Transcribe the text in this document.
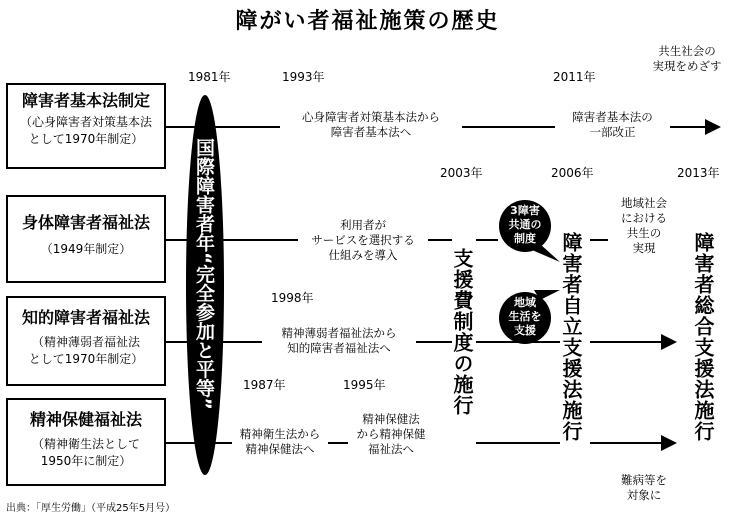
障がい者福祉施策の歴史
障害者基本法制定
（心身障害者対策基本法
として1970年制定）
身体障害者福祉法
（1949年制定）
知的障害者福祉法
（精神薄弱者福祉法
として1970年制定）
精神保健福祉法
（精神衛生法として
1950年に制定）
国際障害者年“完全参加と平等”
1981年	1993年	2011年
2003年	2006年	2013年
1998年
1987年	1995年
心身障害者対策基本法から
障害者基本法へ
障害者基本法の
一部改正
共生社会の
実現をめざす
利用者が
サービスを選択する
仕組みを導入
地域社会
における
共生の
実現
精神薄弱者福祉法から
知的障害者福祉法へ
精神衛生法から
精神保健法へ
精神保健法
から精神保健
福祉法へ
難病等を
対象に
3障害
共通の
制度
地域
生活を
支援
支援費制度の施行	障害者自立支援法施行	障害者総合支援法施行
出典：「厚生労働」（平成25年5月号）
